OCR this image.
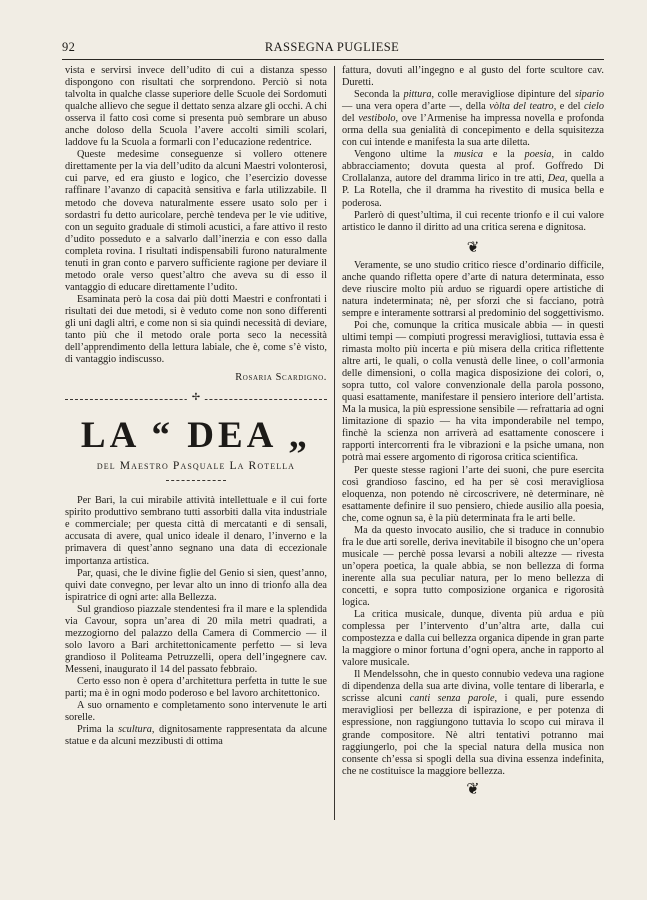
92	RASSEGNA PUGLIESE

vista e servirsi invece dell’udito di cui a distanza spesso dispongono con risultati che sorprendono. Perciò si nota talvolta in qualche classe superiore delle Scuole dei Sordomuti qualche allievo che segue il dettato senza alzare gli occhi. A chi osserva il fatto così come si presenta può sembrare un abuso anche doloso della Scuola l’avere accolti simili scolari, laddove fu la Scuola a formarli con l’educazione redentrice.

Queste medesime conseguenze si vollero ottenere direttamente per la via dell’udito da alcuni Maestri volonterosi, cui parve, ed era giusto e logico, che l’esercizio dovesse raffinare l’avanzo di capacità sensitiva e farla utilizzabile. Il metodo che doveva naturalmente essere usato solo per i sordastri fu detto auricolare, perchè tendeva per le vie uditive, con un seguito graduale di stimoli acustici, a fare attivo il resto d’udito posseduto e a salvarlo dall’inerzia e con esso dalla completa rovina. I risultati indispensabili furono naturalmente tenuti in gran conto e parvero sufficiente ragione per deviare il metodo orale verso quest’altro che aveva su di esso il vantaggio di educare direttamente l’udito.

Esaminata però la cosa dai più dotti Maestri e confrontati i risultati dei due metodi, si è veduto come non sono differenti gli uni dagli altri, e come non si sia quindi necessità di deviare, tanto più che il metodo orale porta seco la necessità dell’apprendimento della lettura labiale, che è, come s’è visto, di vantaggio indiscusso.

Rosaria Scardigno.
✢
LA “ DEA „
del Maestro Pasquale La Rotella

Per Bari, la cui mirabile attività intellettuale e il cui forte spirito produttivo sembrano tutti assorbiti dalla vita industriale e commerciale; per questa città di mercatanti e di sensali, accusata di avere, qual unico ideale il denaro, l’inverno e la primavera di quest’anno segnano una data di eccezionale importanza artistica.

Par, quasi, che le divine figlie del Genio si sien, quest’anno, quivi date convegno, per levar alto un inno di trionfo alla dea ispiratrice di ogni arte: alla Bellezza.

Sul grandioso piazzale stendentesi fra il mare e la splendida via Cavour, sopra un’area di 20 mila metri quadrati, a mezzogiorno del palazzo della Camera di Commercio — il solo lavoro a Bari architettonicamente perfetto — si leva grandioso il Politeama Petruzzelli, opera dell’ingegnere cav. Messeni, inaugurato il 14 del passato febbraio.

Certo esso non è opera d’architettura perfetta in tutte le sue parti; ma è in ogni modo poderoso e bel lavoro architettonico.

A suo ornamento e completamento sono intervenute le arti sorelle.

Prima la scultura, dignitosamente rappresentata da alcune statue e da alcuni mezzibusti di ottima

fattura, dovuti all’ingegno e al gusto del forte scultore cav. Duretti.

Seconda la pittura, colle meravigliose dipinture del sipario — una vera opera d’arte —, della vòlta del teatro, e del cielo del vestibolo, ove l’Armenise ha impressa novella e profonda orma della sua genialità di concepimento e della squisitezza con cui intende e manifesta la sua arte diletta.

Vengono ultime la musica e la poesia, in caldo abbracciamento; dovuta questa al prof. Goffredo Di Crollalanza, autore del dramma lirico in tre atti, Dea, quella a P. La Rotella, che il dramma ha rivestito di musica bella e poderosa.

Parlerò di quest’ultima, il cui recente trionfo e il cui valore artistico le danno il diritto ad una critica serena e dignitosa.

❦

Veramente, se uno studio critico riesce d’ordinario difficile, anche quando rifletta opere d’arte di natura determinata, esso deve riuscire molto più arduo se riguardi opere artistiche di natura indeterminata; nè, per sforzi che si facciano, potrà sempre e interamente sottrarsi al predominio del soggettivismo.

Poi che, comunque la critica musicale abbia — in questi ultimi tempi — compiuti progressi meravigliosi, tuttavia essa è rimasta molto più incerta e più misera della critica riflettente altre arti, le quali, o colla venustà delle linee, o coll’armonia delle dimensioni, o colla magica disposizione dei colori, o, sopra tutto, col valore convenzionale della parola possono, quasi esattamente, manifestare il pensiero interiore dell’artista. Ma la musica, la più espressione sensibile — refrattaria ad ogni limitazione di spazio — ha vita imponderabile nel tempo, finchè la scienza non arriverà ad esattamente conoscere i rapporti intercorrenti fra le vibrazioni e la psiche umana, non potrà mai essere argomento di rigorosa critica scientifica.

Per queste stesse ragioni l’arte dei suoni, che pure esercita così grandioso fascino, ed ha per sè così meravigliosa eloquenza, non potendo nè circoscrivere, nè determinare, nè esattamente definire il suo pensiero, chiede ausilio alla poesia, che, come ognun sa, è la più determinata fra le arti belle.

Ma da questo invocato ausilio, che si traduce in connubio fra le due arti sorelle, deriva inevitabile il bisogno che un’opera musicale — perchè possa levarsi a nobili altezze — rivesta un’opera poetica, la quale abbia, se non bellezza di forma inerente alla sua peculiar natura, per lo meno bellezza di concetti, e sopra tutto composizione organica e rigorosità logica.

La critica musicale, dunque, diventa più ardua e più complessa per l’intervento d’un’altra arte, dalla cui compostezza e dalla cui bellezza organica dipende in gran parte la maggiore o minor fortuna d’ogni opera, anche in rapporto al valore musicale.

Il Mendelssohn, che in questo connubio vedeva una ragione di dipendenza della sua arte divina, volle tentare di liberarla, e scrisse alcuni canti senza parole, i quali, pure essendo meravigliosi per bellezza di ispirazione, e per potenza di espressione, non raggiungono tuttavia lo scopo cui mirava il grande compositore. Nè altri tentativi potranno mai raggiungerlo, poi che la special natura della musica non consente ch’essa si spogli della sua divina essenza indefinita, che ne costituisce la maggiore bellezza.

❦
